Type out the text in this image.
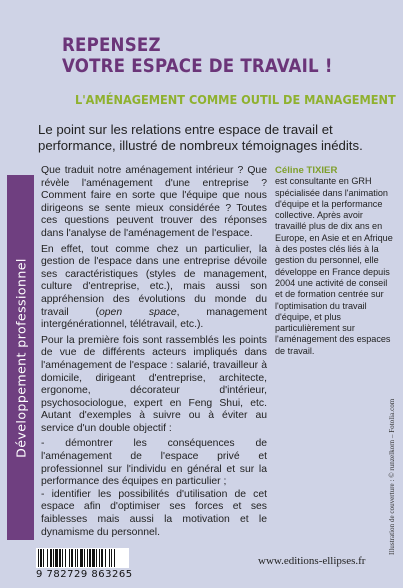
REPENSEZ
VOTRE ESPACE DE TRAVAIL !
L'AMÉNAGEMENT COMME OUTIL DE MANAGEMENT

Le point sur les relations entre espace de travail et performance, illustré de nombreux témoignages inédits.

Développement professionnel

Que traduit notre aménagement intérieur ? Que révèle l'aménagement d'une entreprise ? Comment faire en sorte que l'équipe que nous dirigeons se sente mieux considérée ? Toutes ces questions peuvent trouver des réponses dans l'analyse de l'aménagement de l'espace.

En effet, tout comme chez un particulier, la gestion de l'espace dans une entreprise dévoile ses caractéristiques (styles de management, culture d'entreprise, etc.), mais aussi son appréhension des évolutions du monde du travail (open space, management intergénérationnel, télétravail, etc.).

Pour la première fois sont rassemblés les points de vue de différents acteurs impliqués dans l'aménagement de l'espace : salarié, travailleur à domicile, dirigeant d'entreprise, architecte, ergonome, décorateur d'intérieur, psychosociologue, expert en Feng Shui, etc. Autant d'exemples à suivre ou à éviter au service d'un double objectif :

- démontrer les conséquences de l'aménagement de l'espace privé et professionnel sur l'individu en général et sur la performance des équipes en particulier ;

- identifier les possibilités d'utilisation de cet espace afin d'optimiser ses forces et ses faiblesses mais aussi la motivation et le dynamisme du personnel.

Céline TIXIER
est consultante en GRH spécialisée dans l'animation d'équipe et la performance collective. Après avoir travaillé plus de dix ans en Europe, en Asie et en Afrique à des postes clés liés à la gestion du personnel, elle développe en France depuis 2004 une activité de conseil et de formation centrée sur l'optimisation du travail d'équipe, et plus particulièrement sur l'aménagement des espaces de travail.
9 782729 863265
www.editions-ellipses.fr
Illustration de couverture : © runzelkorn – Fotolia.com
